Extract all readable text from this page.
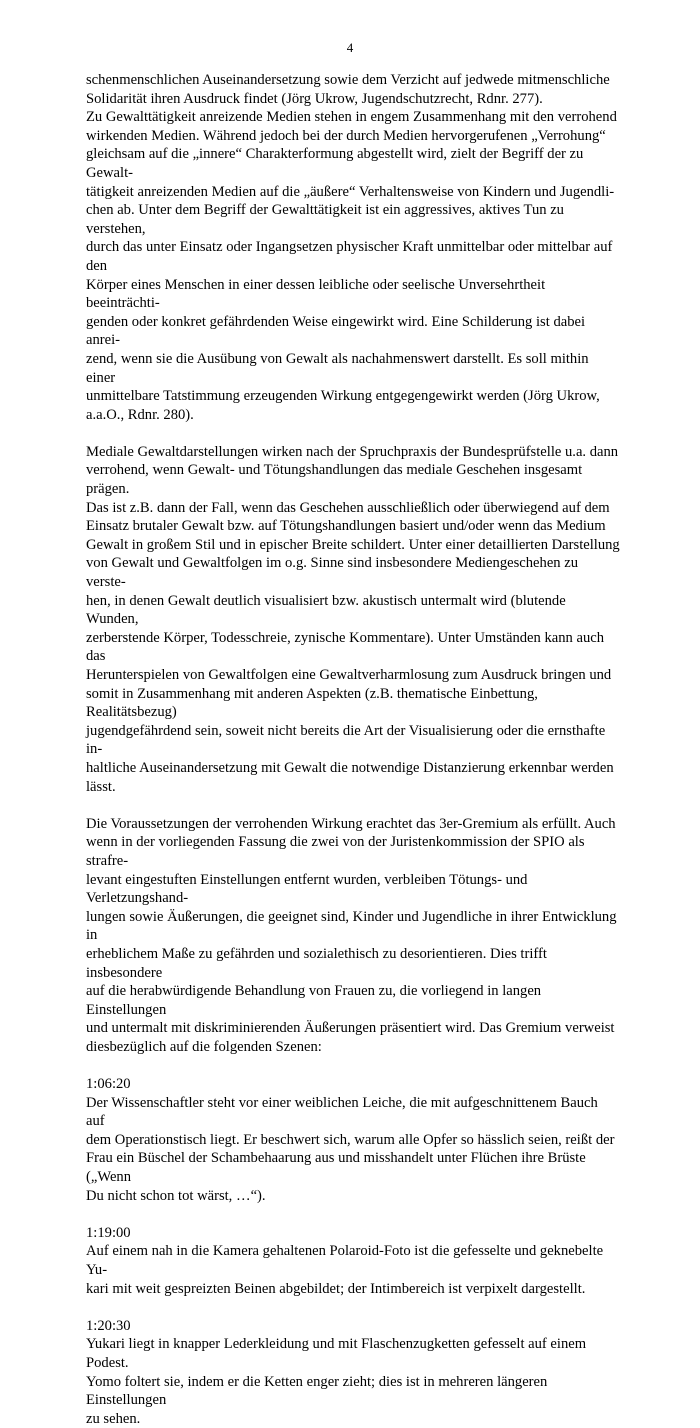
4
schenmenschlichen Auseinandersetzung sowie dem Verzicht auf jedwede mitmenschliche
Solidarität ihren Ausdruck findet (Jörg Ukrow, Jugendschutzrecht, Rdnr. 277).
Zu Gewalttätigkeit anreizende Medien stehen in engem Zusammenhang mit den verrohend
wirkenden Medien. Während jedoch bei der durch Medien hervorgerufenen „Verrohung“
gleichsam auf die „innere“ Charakterformung abgestellt wird, zielt der Begriff der zu Gewalt-
tätigkeit anreizenden Medien auf die „äußere“ Verhaltensweise von Kindern und Jugendli-
chen ab. Unter dem Begriff der Gewalttätigkeit ist ein aggressives, aktives Tun zu verstehen,
durch das unter Einsatz oder Ingangsetzen physischer Kraft unmittelbar oder mittelbar auf den
Körper eines Menschen in einer dessen leibliche oder seelische Unversehrtheit beeinträchti-
genden oder konkret gefährdenden Weise eingewirkt wird. Eine Schilderung ist dabei anrei-
zend, wenn sie die Ausübung von Gewalt als nachahmenswert darstellt. Es soll mithin einer
unmittelbare Tatstimmung erzeugenden Wirkung entgegengewirkt werden (Jörg Ukrow,
a.a.O., Rdnr. 280).
Mediale Gewaltdarstellungen wirken nach der Spruchpraxis der Bundesprüfstelle u.a. dann
verrohend, wenn Gewalt- und Tötungshandlungen das mediale Geschehen insgesamt prägen.
Das ist z.B. dann der Fall, wenn das Geschehen ausschließlich oder überwiegend auf dem
Einsatz brutaler Gewalt bzw. auf Tötungshandlungen basiert und/oder wenn das Medium
Gewalt in großem Stil und in epischer Breite schildert. Unter einer detaillierten Darstellung
von Gewalt und Gewaltfolgen im o.g. Sinne sind insbesondere Mediengeschehen zu verste-
hen, in denen Gewalt deutlich visualisiert bzw. akustisch untermalt wird (blutende Wunden,
zerberstende Körper, Todesschreie, zynische Kommentare). Unter Umständen kann auch das
Herunterspielen von Gewaltfolgen eine Gewaltverharmlosung zum Ausdruck bringen und
somit in Zusammenhang mit anderen Aspekten (z.B. thematische Einbettung, Realitätsbezug)
jugendgefährdend sein, soweit nicht bereits die Art der Visualisierung oder die ernsthafte in-
haltliche Auseinandersetzung mit Gewalt die notwendige Distanzierung erkennbar werden
lässt.
Die Voraussetzungen der verrohenden Wirkung erachtet das 3er-Gremium als erfüllt. Auch
wenn in der vorliegenden Fassung die zwei von der Juristenkommission der SPIO als strafre-
levant eingestuften Einstellungen entfernt wurden, verbleiben Tötungs- und Verletzungshand-
lungen sowie Äußerungen, die geeignet sind, Kinder und Jugendliche in ihrer Entwicklung in
erheblichem Maße zu gefährden und sozialethisch zu desorientieren. Dies trifft insbesondere
auf die herabwürdigende Behandlung von Frauen zu, die vorliegend in langen Einstellungen
und untermalt mit diskriminierenden Äußerungen präsentiert wird. Das Gremium verweist
diesbezüglich auf die folgenden Szenen:
1:06:20
Der Wissenschaftler steht vor einer weiblichen Leiche, die mit aufgeschnittenem Bauch auf
dem Operationstisch liegt. Er beschwert sich, warum alle Opfer so hässlich seien, reißt der
Frau ein Büschel der Schambehaarung aus und misshandelt unter Flüchen ihre Brüste („Wenn
Du nicht schon tot wärst, …“).
1:19:00
Auf einem nah in die Kamera gehaltenen Polaroid-Foto ist die gefesselte und geknebelte Yu-
kari mit weit gespreizten Beinen abgebildet; der Intimbereich ist verpixelt dargestellt.
1:20:30
Yukari liegt in knapper Lederkleidung und mit Flaschenzugketten gefesselt auf einem Podest.
Yomo foltert sie, indem er die Ketten enger zieht; dies ist in mehreren längeren Einstellungen
zu sehen.
